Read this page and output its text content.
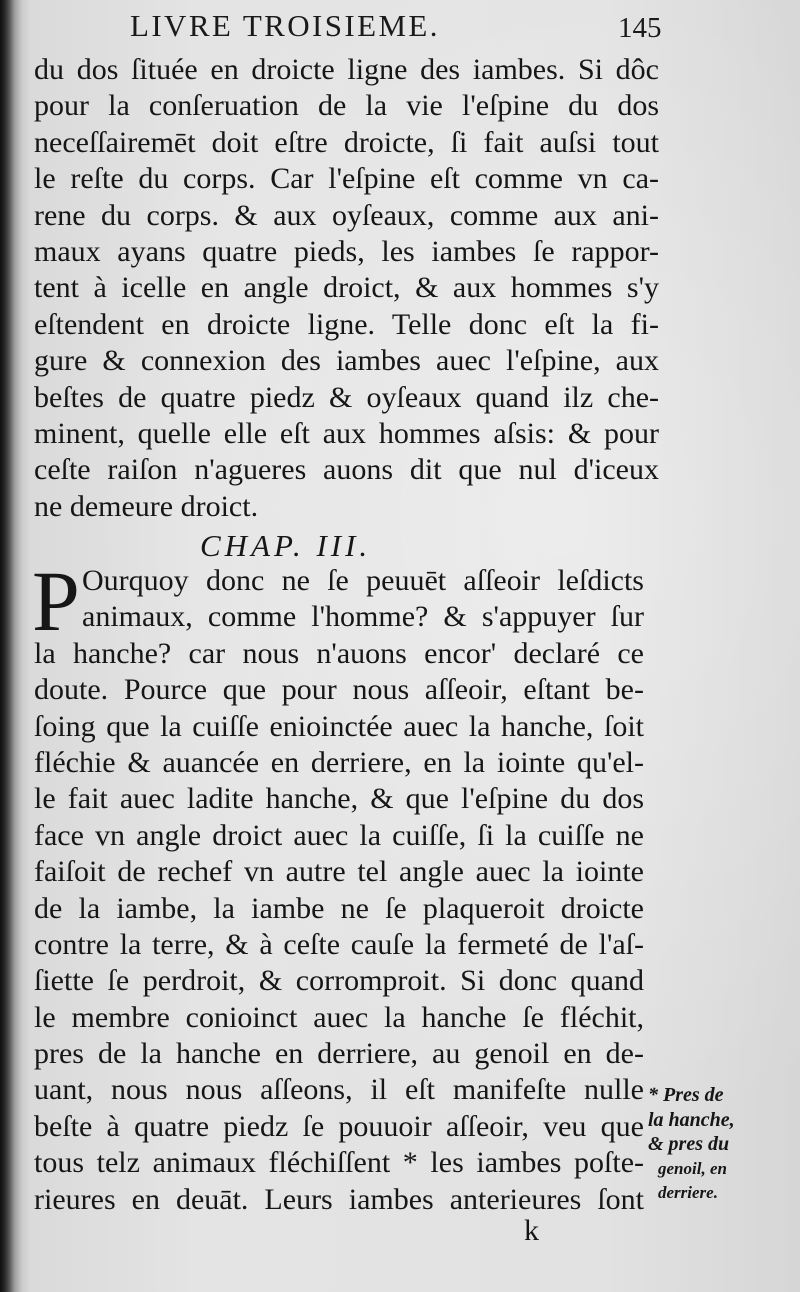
LIVRE TROISIEME.	145
du dos ſituée en droicte ligne des iambes. Si dôc
pour la conſeruation de la vie l'eſpine du dos
neceſſairemēt doit eſtre droicte, ſi fait auſsi tout
le reſte du corps. Car l'eſpine eſt comme vn ca-
rene du corps. & aux oyſeaux, comme aux ani-
maux ayans quatre pieds, les iambes ſe rappor-
tent à icelle en angle droict, & aux hommes s'y
eſtendent en droicte ligne. Telle donc eſt la fi-
gure & connexion des iambes auec l'eſpine, aux
beſtes de quatre piedz & oyſeaux quand ilz che-
minent, quelle elle eſt aux hommes aſsis: & pour
ceſte raiſon n'agueres auons dit que nul d'iceux
ne demeure droict.
CHAP. III.
P Ourquoy donc ne ſe peuuēt aſſeoir leſdicts
animaux, comme l'homme? & s'appuyer ſur
la hanche? car nous n'auons encor' declaré ce
doute. Pource que pour nous aſſeoir, eſtant be-
ſoing que la cuiſſe enioinctée auec la hanche, ſoit
fléchie & auancée en derriere, en la iointe qu'el-
le fait auec ladite hanche, & que l'eſpine du dos
face vn angle droict auec la cuiſſe, ſi la cuiſſe ne
faiſoit de rechef vn autre tel angle auec la iointe
de la iambe, la iambe ne ſe plaqueroit droicte
contre la terre, & à ceſte cauſe la fermeté de l'aſ-
ſiette ſe perdroit, & corromproit. Si donc quand
le membre conioinct auec la hanche ſe fléchit,
pres de la hanche en derriere, au genoil en de-
uant, nous nous aſſeons, il eſt manifeſte nulle
beſte à quatre piedz ſe pouuoir aſſeoir, veu que
tous telz animaux fléchiſſent * les iambes poſte-
rieures en deuāt. Leurs iambes anterieures ſont
* Pres de
la hanche,
& pres du
genoil, en
derriere.
k
